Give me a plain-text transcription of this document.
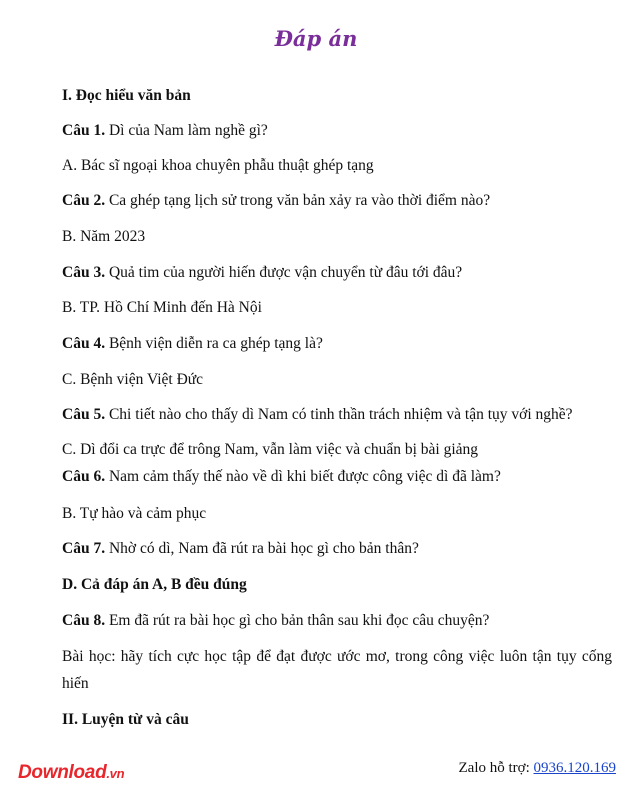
Đáp án
I. Đọc hiểu văn bản
Câu 1. Dì của Nam làm nghề gì?
A. Bác sĩ ngoại khoa chuyên phẫu thuật ghép tạng
Câu 2. Ca ghép tạng lịch sử trong văn bản xảy ra vào thời điểm nào?
B. Năm 2023
Câu 3. Quả tim của người hiến được vận chuyển từ đâu tới đâu?
B. TP. Hồ Chí Minh đến Hà Nội
Câu 4. Bệnh viện diễn ra ca ghép tạng là?
C. Bệnh viện Việt Đức
Câu 5. Chi tiết nào cho thấy dì Nam có tinh thần trách nhiệm và tận tụy với nghề?
C. Dì đổi ca trực để trông Nam, vẫn làm việc và chuẩn bị bài giảng
Câu 6. Nam cảm thấy thế nào về dì khi biết được công việc dì đã làm?
B. Tự hào và cảm phục
Câu 7. Nhờ có dì, Nam đã rút ra bài học gì cho bản thân?
D. Cả đáp án A, B đều đúng
Câu 8. Em đã rút ra bài học gì cho bản thân sau khi đọc câu chuyện?
Bài học: hãy tích cực học tập để đạt được ước mơ, trong công việc luôn tận tụy cống hiến
II. Luyện từ và câu
Download.vn	Zalo hỗ trợ: 0936.120.169
